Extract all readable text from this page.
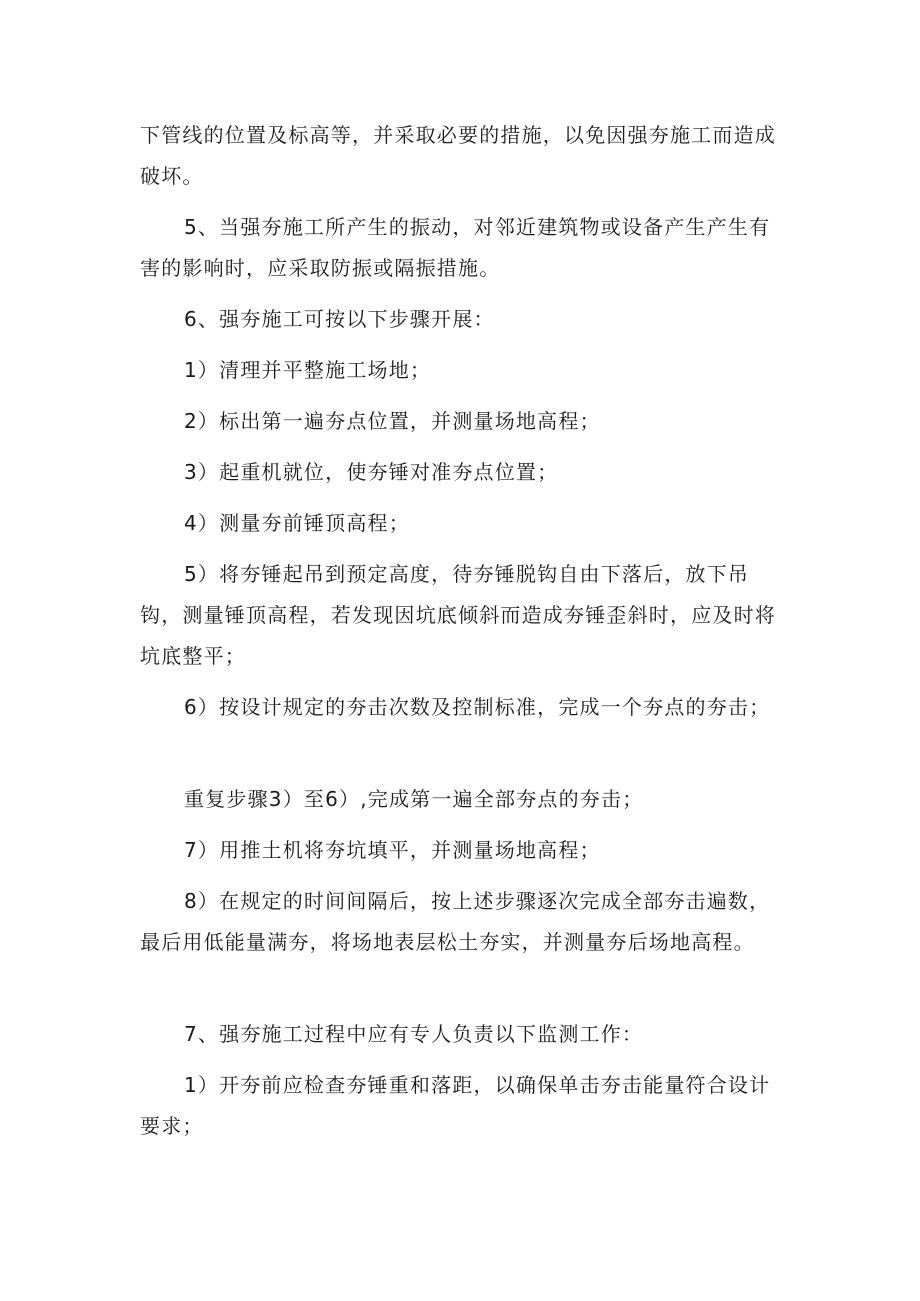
下管线的位置及标高等，并采取必要的措施，以免因强夯施工而造成破坏。

5、当强夯施工所产生的振动，对邻近建筑物或设备产生产生有害的影响时，应采取防振或隔振措施。

6、强夯施工可按以下步骤开展：

1）清理并平整施工场地；

2）标出第一遍夯点位置，并测量场地高程；

3）起重机就位，使夯锤对准夯点位置；

4）测量夯前锤顶高程；

5）将夯锤起吊到预定高度，待夯锤脱钩自由下落后，放下吊钩，测量锤顶高程，若发现因坑底倾斜而造成夯锤歪斜时，应及时将坑底整平；

6）按设计规定的夯击次数及控制标准，完成一个夯点的夯击；

重复步骤3）至6）,完成第一遍全部夯点的夯击；

7）用推土机将夯坑填平，并测量场地高程；

8）在规定的时间间隔后，按上述步骤逐次完成全部夯击遍数，最后用低能量满夯，将场地表层松土夯实，并测量夯后场地高程。

7、强夯施工过程中应有专人负责以下监测工作：

1）开夯前应检查夯锤重和落距，以确保单击夯击能量符合设计要求；
